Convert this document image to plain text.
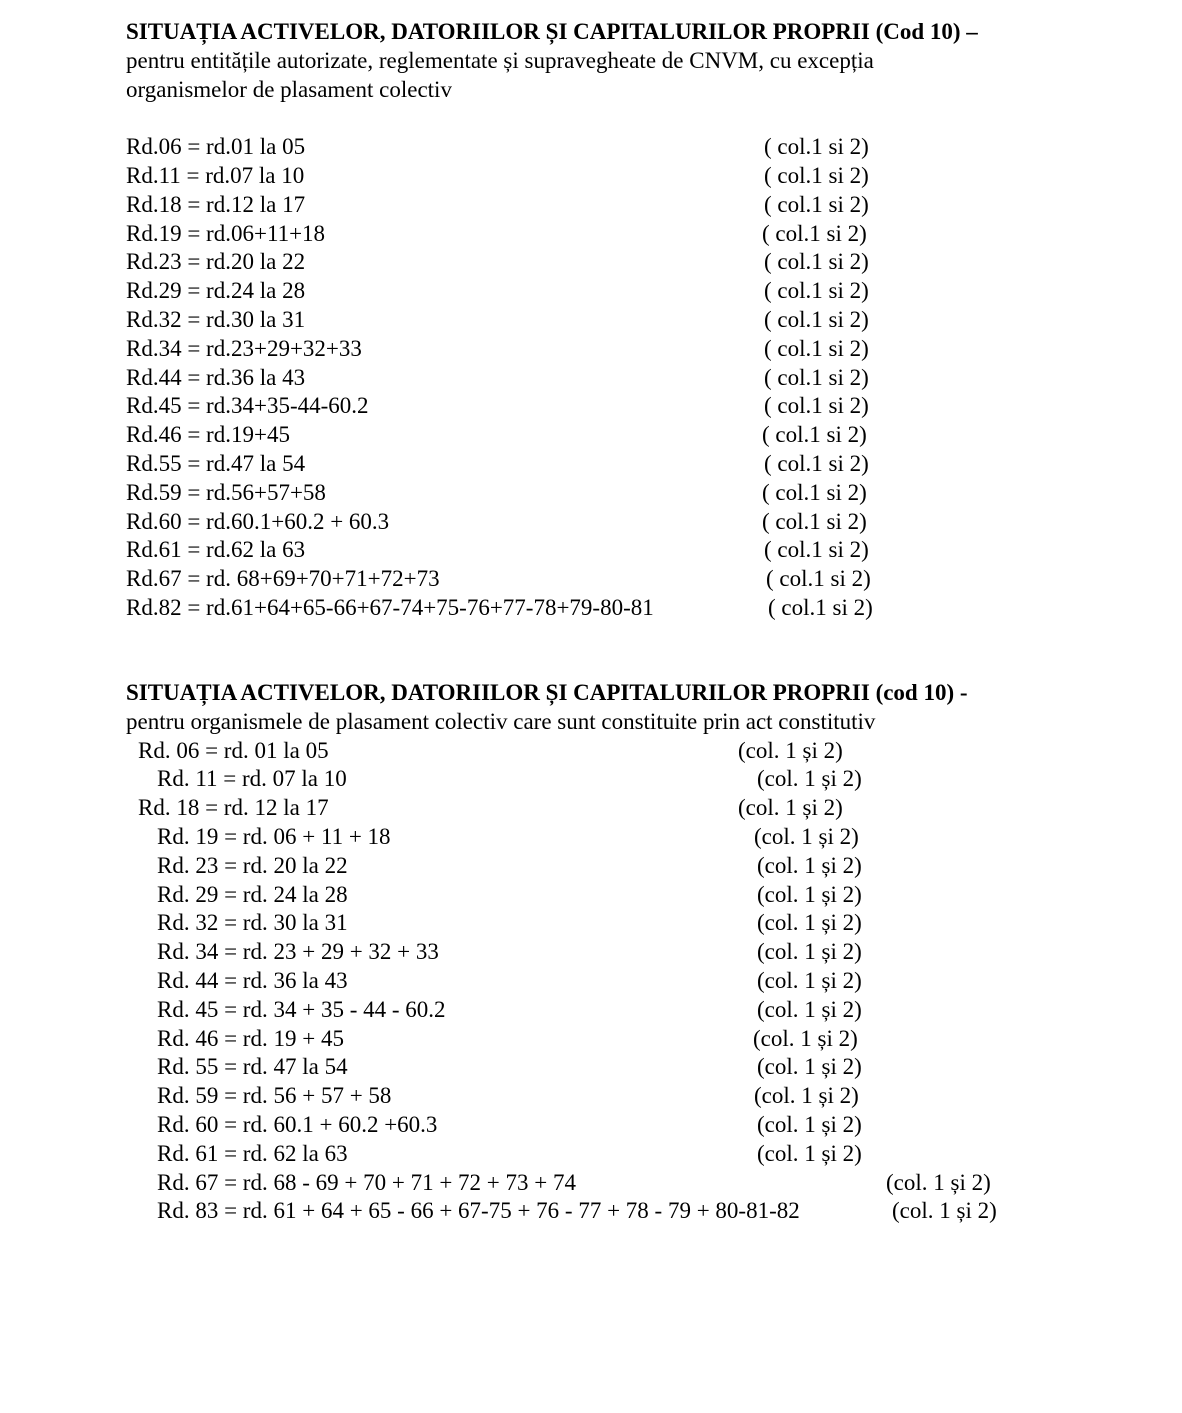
SITUAȚIA ACTIVELOR, DATORIILOR ȘI CAPITALURILOR PROPRII (Cod 10) –
pentru entitățile autorizate, reglementate și supravegheate de CNVM, cu excepția
organismelor de plasament colectiv
Rd.06 = rd.01 la 05	( col.1 si 2)
Rd.11 = rd.07 la 10	( col.1 si 2)
Rd.18 = rd.12 la 17	( col.1 si 2)
Rd.19 = rd.06+11+18	( col.1 si 2)
Rd.23 = rd.20 la 22	( col.1 si 2)
Rd.29 = rd.24 la 28	( col.1 si 2)
Rd.32 = rd.30 la 31	( col.1 si 2)
Rd.34 = rd.23+29+32+33	( col.1 si 2)
Rd.44 = rd.36 la 43	( col.1 si 2)
Rd.45 = rd.34+35-44-60.2	( col.1 si 2)
Rd.46 = rd.19+45	( col.1 si 2)
Rd.55 = rd.47 la 54	( col.1 si 2)
Rd.59 = rd.56+57+58	( col.1 si 2)
Rd.60 = rd.60.1+60.2 + 60.3	( col.1 si 2)
Rd.61 = rd.62 la 63	( col.1 si 2)
Rd.67 = rd. 68+69+70+71+72+73	( col.1 si 2)
Rd.82 = rd.61+64+65-66+67-74+75-76+77-78+79-80-81	( col.1 si 2)
SITUAȚIA ACTIVELOR, DATORIILOR ȘI CAPITALURILOR PROPRII (cod 10) -
pentru organismele de plasament colectiv care sunt constituite prin act constitutiv
Rd. 06 = rd. 01 la 05	(col. 1 și 2)
Rd. 11 = rd. 07 la 10	(col. 1 și 2)
Rd. 18 = rd. 12 la 17	(col. 1 și 2)
Rd. 19 = rd. 06 + 11 + 18	(col. 1 și 2)
Rd. 23 = rd. 20 la 22	(col. 1 și 2)
Rd. 29 = rd. 24 la 28	(col. 1 și 2)
Rd. 32 = rd. 30 la 31	(col. 1 și 2)
Rd. 34 = rd. 23 + 29 + 32 + 33	(col. 1 și 2)
Rd. 44 = rd. 36 la 43	(col. 1 și 2)
Rd. 45 = rd. 34 + 35 - 44 - 60.2	(col. 1 și 2)
Rd. 46 = rd. 19 + 45	(col. 1 și 2)
Rd. 55 = rd. 47 la 54	(col. 1 și 2)
Rd. 59 = rd. 56 + 57 + 58	(col. 1 și 2)
Rd. 60 = rd. 60.1 + 60.2 +60.3	(col. 1 și 2)
Rd. 61 = rd. 62 la 63	(col. 1 și 2)
Rd. 67 = rd. 68 - 69 + 70 + 71 + 72 + 73 + 74	(col. 1 și 2)
Rd. 83 = rd. 61 + 64 + 65 - 66 + 67-75 + 76 - 77 + 78 - 79 + 80-81-82	(col. 1 și 2)
